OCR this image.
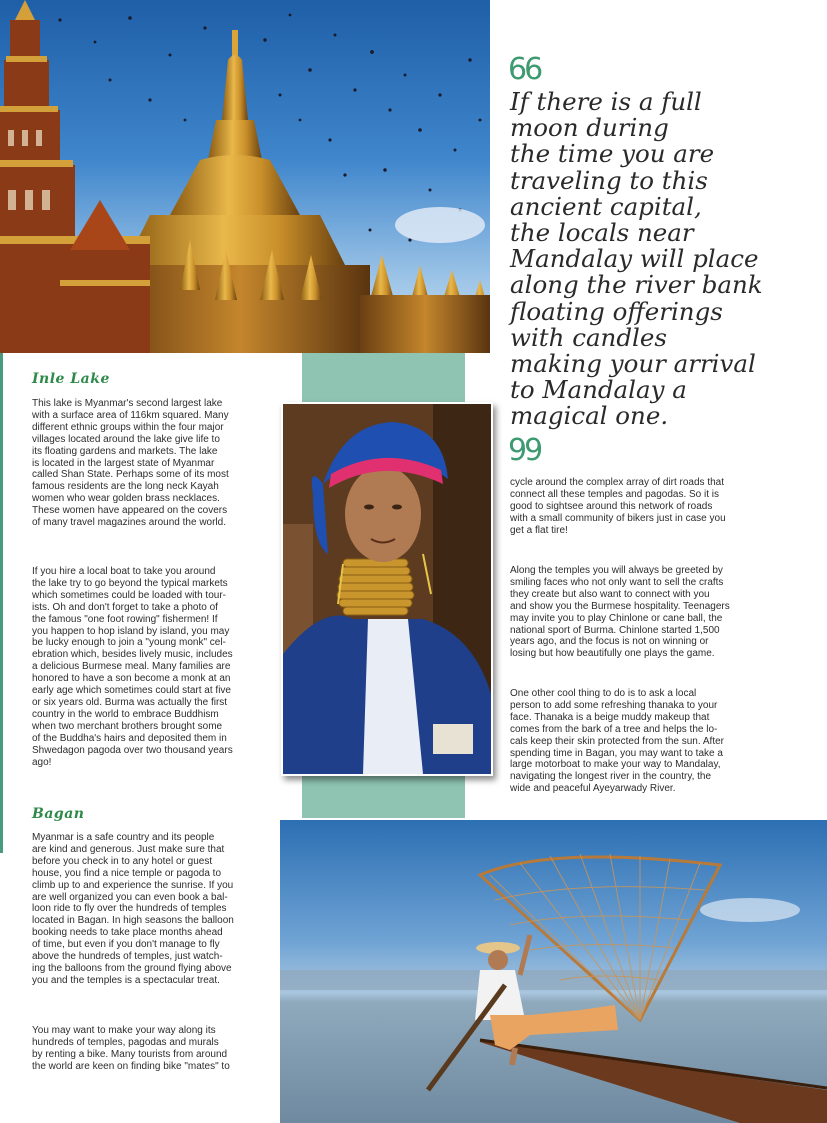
66
If there is a full
moon during
the time you are
traveling to this
ancient capital,
the locals near
Mandalay will place
along the river bank
floating offerings
with candles
making your arrival
to Mandalay a
magical one.
99
Inle Lake
This lake is Myanmar's second largest lake
with a surface area of 116km squared. Many
different ethnic groups within the four major
villages located around the lake give life to
its floating gardens and markets. The lake
is located in the largest state of Myanmar
called Shan State. Perhaps some of its most
famous residents are the long neck Kayah
women who wear golden brass necklaces.
These women have appeared on the covers
of many travel magazines around the world.
If you hire a local boat to take you around
the lake try to go beyond the typical markets
which sometimes could be loaded with tour-
ists. Oh and don't forget to take a photo of
the famous "one foot rowing" fishermen! If
you happen to hop island by island, you may
be lucky enough to join a "young monk" cel-
ebration which, besides lively music, includes
a delicious Burmese meal. Many families are
honored to have a son become a monk at an
early age which sometimes could start at five
or six years old. Burma was actually the first
country in the world to embrace Buddhism
when two merchant brothers brought some
of the Buddha's hairs and deposited them in
Shwedagon pagoda over two thousand years
ago!
Bagan
Myanmar is a safe country and its people
are kind and generous. Just make sure that
before you check in to any hotel or guest
house, you find a nice temple or pagoda to
climb up to and experience the sunrise. If you
are well organized you can even book a bal-
loon ride to fly over the hundreds of temples
located in Bagan. In high seasons the balloon
booking needs to take place months ahead
of time, but even if you don't manage to fly
above the hundreds of temples, just watch-
ing the balloons from the ground flying above
you and the temples is a spectacular treat.
You may want to make your way along its
hundreds of temples, pagodas and murals
by renting a bike. Many tourists from around
the world are keen on finding bike "mates" to
cycle around the complex array of dirt roads that
connect all these temples and pagodas. So it is
good to sightsee around this network of roads
with a small community of bikers just in case you
get a flat tire!
Along the temples you will always be greeted by
smiling faces who not only want to sell the crafts
they create but also want to connect with you
and show you the Burmese hospitality. Teenagers
may invite you to play Chinlone or cane ball, the
national sport of Burma. Chinlone started 1,500
years ago, and the focus is not on winning or
losing but how beautifully one plays the game.
One other cool thing to do is to ask a local
person to add some refreshing thanaka to your
face. Thanaka is a beige muddy makeup that
comes from the bark of a tree and helps the lo-
cals keep their skin protected from the sun. After
spending time in Bagan, you may want to take a
large motorboat to make your way to Mandalay,
navigating the longest river in the country, the
wide and peaceful Ayeyarwady River.
